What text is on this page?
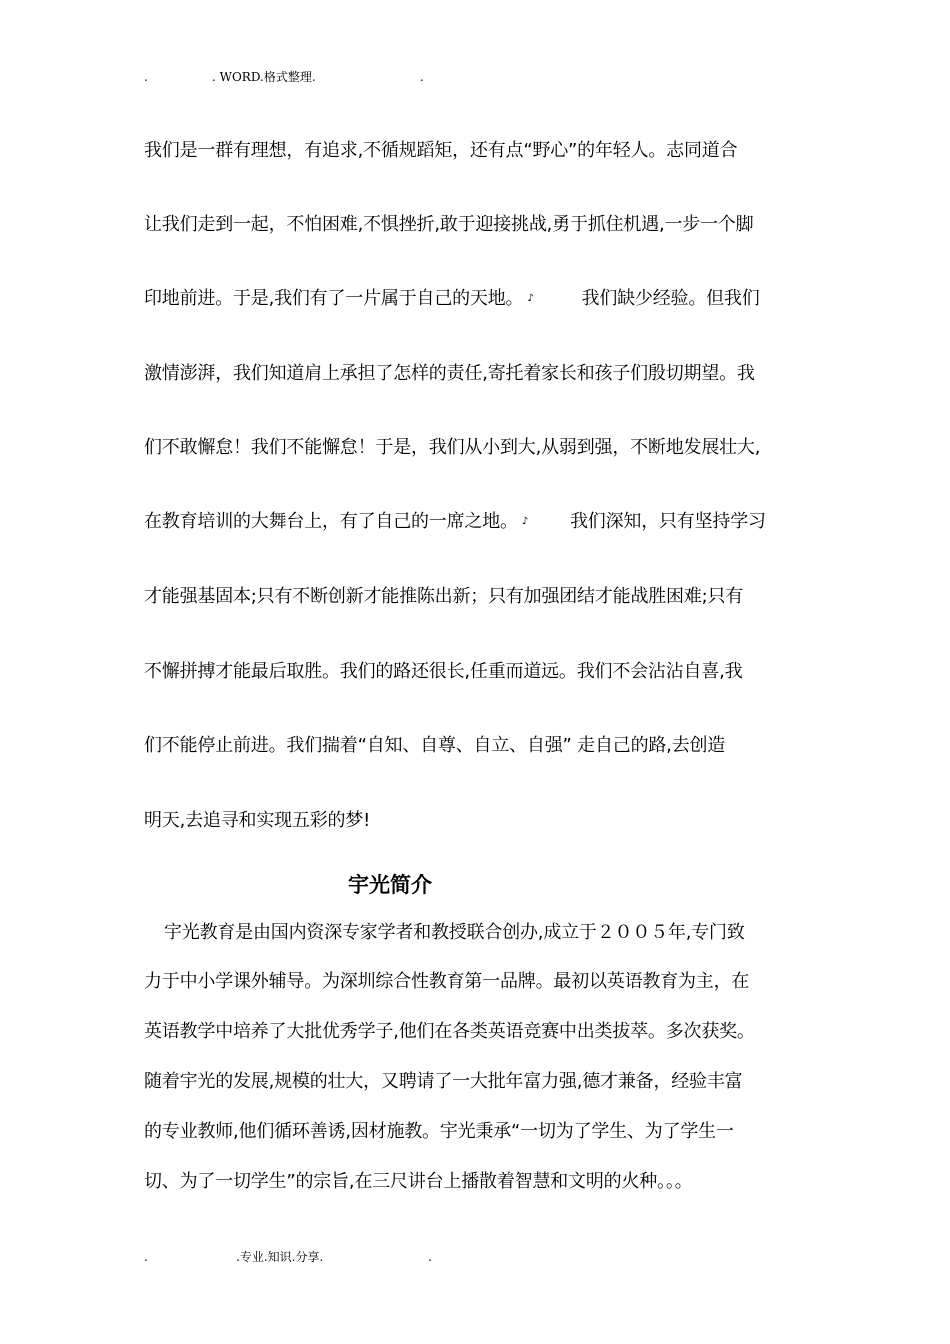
.	. WORD.格式整理.	.
我们是一群有理想，有追求,不循规蹈矩，还有点“野心”的年轻人。志同道合
让我们走到一起，不怕困难,不惧挫折,敢于迎接挑战,勇于抓住机遇,一步一个脚
印地前进。于是,我们有了一片属于自己的天地。 ♪	我们缺少经验。但我们
激情澎湃，我们知道肩上承担了怎样的责任,寄托着家长和孩子们殷切期望。我
们不敢懈怠！我们不能懈怠！于是，我们从小到大,从弱到强，不断地发展壮大,
在教育培训的大舞台上，有了自己的一席之地。 ♪ 我们深知，只有坚持学习
才能强基固本;只有不断创新才能推陈出新；只有加强团结才能战胜困难;只有
不懈拼搏才能最后取胜。我们的路还很长,任重而道远。我们不会沾沾自喜,我
们不能停止前进。我们揣着“自知、自尊、自立、自强” 走自己的路,去创造
明天,去追寻和实现五彩的梦!
宇光简介
宇光教育是由国内资深专家学者和教授联合创办,成立于２００５年,专门致
力于中小学课外辅导。为深圳综合性教育第一品牌。最初以英语教育为主，在
英语教学中培养了大批优秀学子,他们在各类英语竞赛中出类拔萃。多次获奖。
随着宇光的发展,规模的壮大，又聘请了一大批年富力强,德才兼备，经验丰富
的专业教师,他们循环善诱,因材施教。宇光秉承“一切为了学生、为了学生一
切、为了一切学生”的宗旨,在三尺讲台上播散着智慧和文明的火种。。。
.	.专业.知识.分享.	.
